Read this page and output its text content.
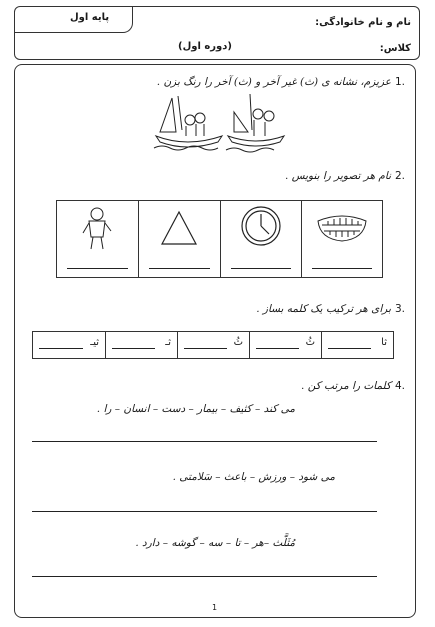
پایه اول	نام و نام خانوادگی:
کلاس:
(دوره اول)
1.
عزیزم، نشانه ی (ث) غیر آخر و (ث) آخر را رنگ بزن .
2.
نام هر تصویر را بنویس .
3.
برای هر ترکیب یک کلمه بساز .
ثا
ثُ
ثُ
ثـ
ثیـ
4.
کلمات را مرتب کن .
می کند – کثیف – بیمار – دست – انسان – را .
می شود – ورزش – باعث – سَلامتی .
مُثَلَّث –هر – تا – سه – گوشه – دارد .
1
